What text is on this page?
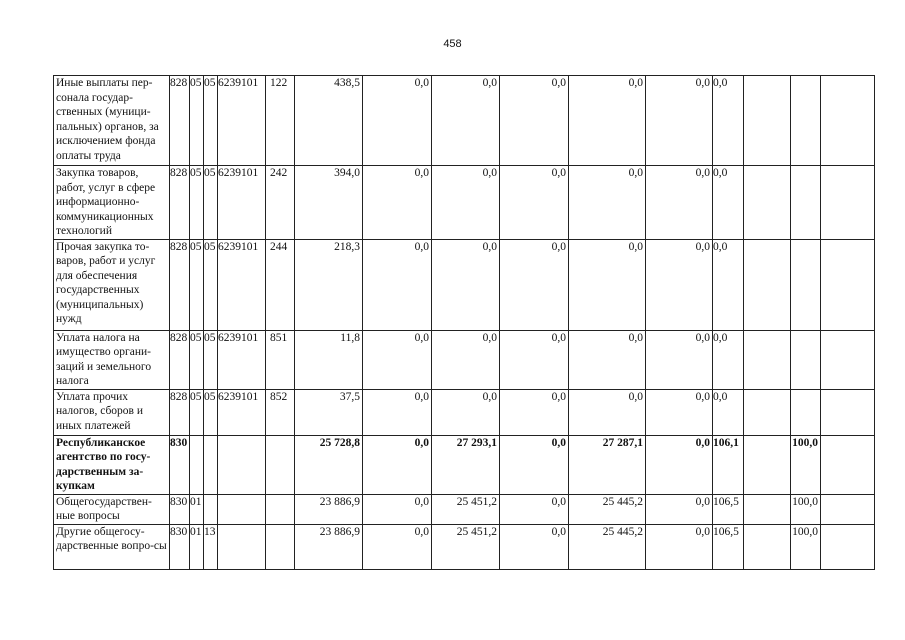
458
Иные выплаты пер-сонала государ-ственных (муници-пальных) органов, за исключением фонда оплаты труда	828	05	05	6239101	122	438,5	0,0	0,0	0,0	0,0	0,0	0,0			
Закупка товаров, работ, услуг в сфере информационно-коммуникационных технологий	828	05	05	6239101	242	394,0	0,0	0,0	0,0	0,0	0,0	0,0			
Прочая закупка то-варов, работ и услуг для обеспечения государственных (муниципальных) нужд	828	05	05	6239101	244	218,3	0,0	0,0	0,0	0,0	0,0	0,0			
Уплата налога на имущество органи-заций и земельного налога	828	05	05	6239101	851	11,8	0,0	0,0	0,0	0,0	0,0	0,0			
Уплата прочих налогов, сборов и иных платежей	828	05	05	6239101	852	37,5	0,0	0,0	0,0	0,0	0,0	0,0			
Республиканское агентство по госу-дарственным за-купкам	830					25 728,8	0,0	27 293,1	0,0	27 287,1	0,0	106,1		100,0	
Общегосударствен-ные вопросы	830	01				23 886,9	0,0	25 451,2	0,0	25 445,2	0,0	106,5		100,0	
Другие общегосу-дарственные вопро-сы	830	01	13			23 886,9	0,0	25 451,2	0,0	25 445,2	0,0	106,5		100,0	
